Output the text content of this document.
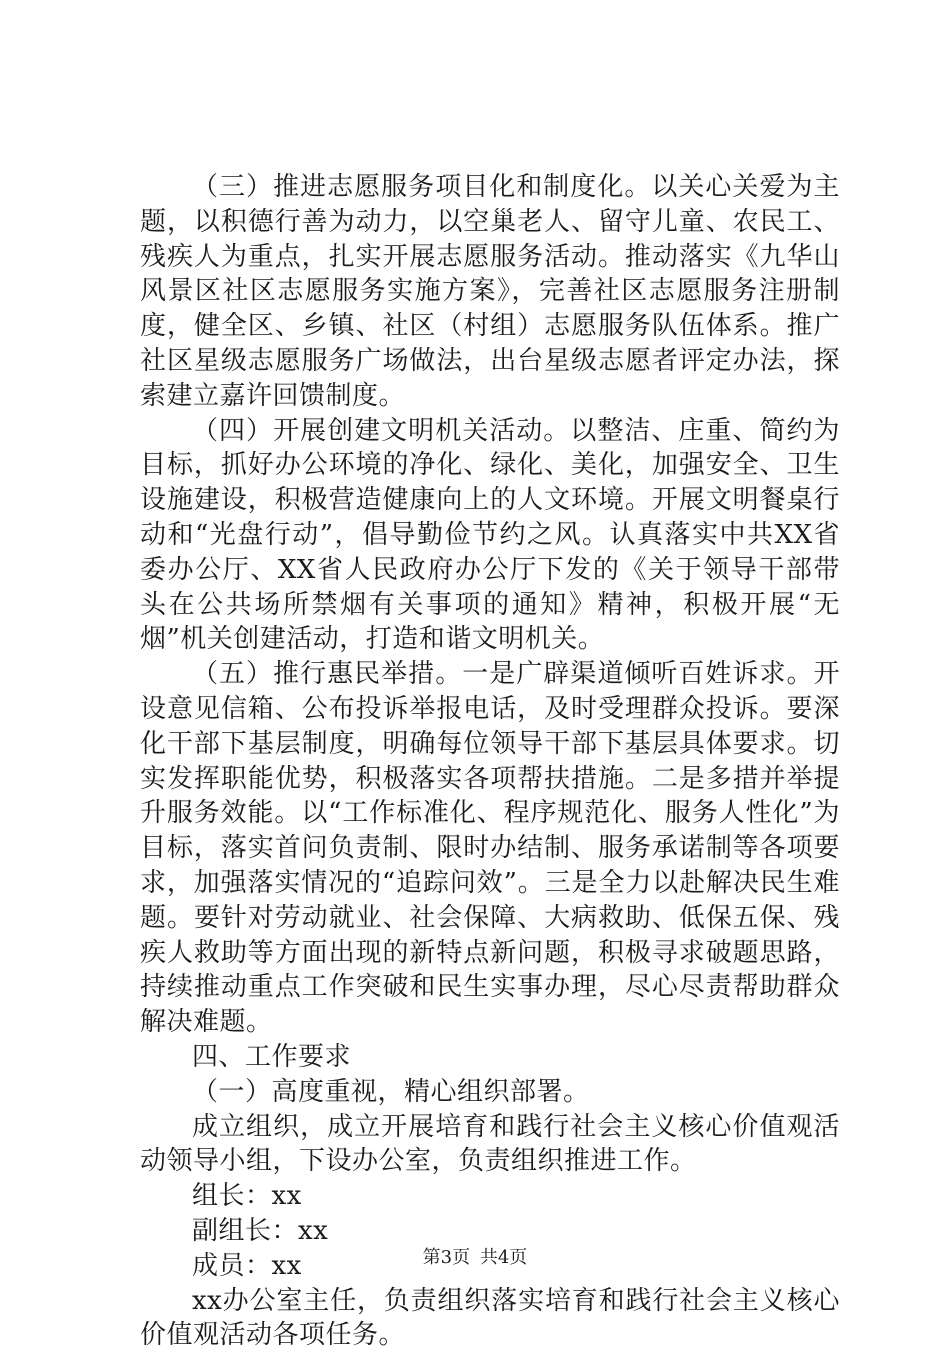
（三）推进志愿服务项目化和制度化。以关心关爱为主题，以积德行善为动力，以空巢老人、留守儿童、农民工、残疾人为重点，扎实开展志愿服务活动。推动落实《九华山风景区社区志愿服务实施方案》，完善社区志愿服务注册制度，健全区、乡镇、社区（村组）志愿服务队伍体系。推广社区星级志愿服务广场做法，出台星级志愿者评定办法，探索建立嘉许回馈制度。

（四）开展创建文明机关活动。以整洁、庄重、简约为目标，抓好办公环境的净化、绿化、美化，加强安全、卫生设施建设，积极营造健康向上的人文环境。开展文明餐桌行动和“光盘行动”，倡导勤俭节约之风。认真落实中共XX省委办公厅、XX省人民政府办公厅下发的《关于领导干部带头在公共场所禁烟有关事项的通知》精神，积极开展“无烟”机关创建活动，打造和谐文明机关。

（五）推行惠民举措。一是广辟渠道倾听百姓诉求。开设意见信箱、公布投诉举报电话，及时受理群众投诉。要深化干部下基层制度，明确每位领导干部下基层具体要求。切实发挥职能优势，积极落实各项帮扶措施。二是多措并举提升服务效能。以“工作标准化、程序规范化、服务人性化”为目标，落实首问负责制、限时办结制、服务承诺制等各项要求，加强落实情况的“追踪问效”。三是全力以赴解决民生难题。要针对劳动就业、社会保障、大病救助、低保五保、残疾人救助等方面出现的新特点新问题，积极寻求破题思路，持续推动重点工作突破和民生实事办理，尽心尽责帮助群众解决难题。

四、工作要求

（一）高度重视，精心组织部署。

成立组织，成立开展培育和践行社会主义核心价值观活动领导小组，下设办公室，负责组织推进工作。

组长：xx

副组长：xx

成员：xx

xx办公室主任，负责组织落实培育和践行社会主义核心价值观活动各项任务。

第3页 共4页
